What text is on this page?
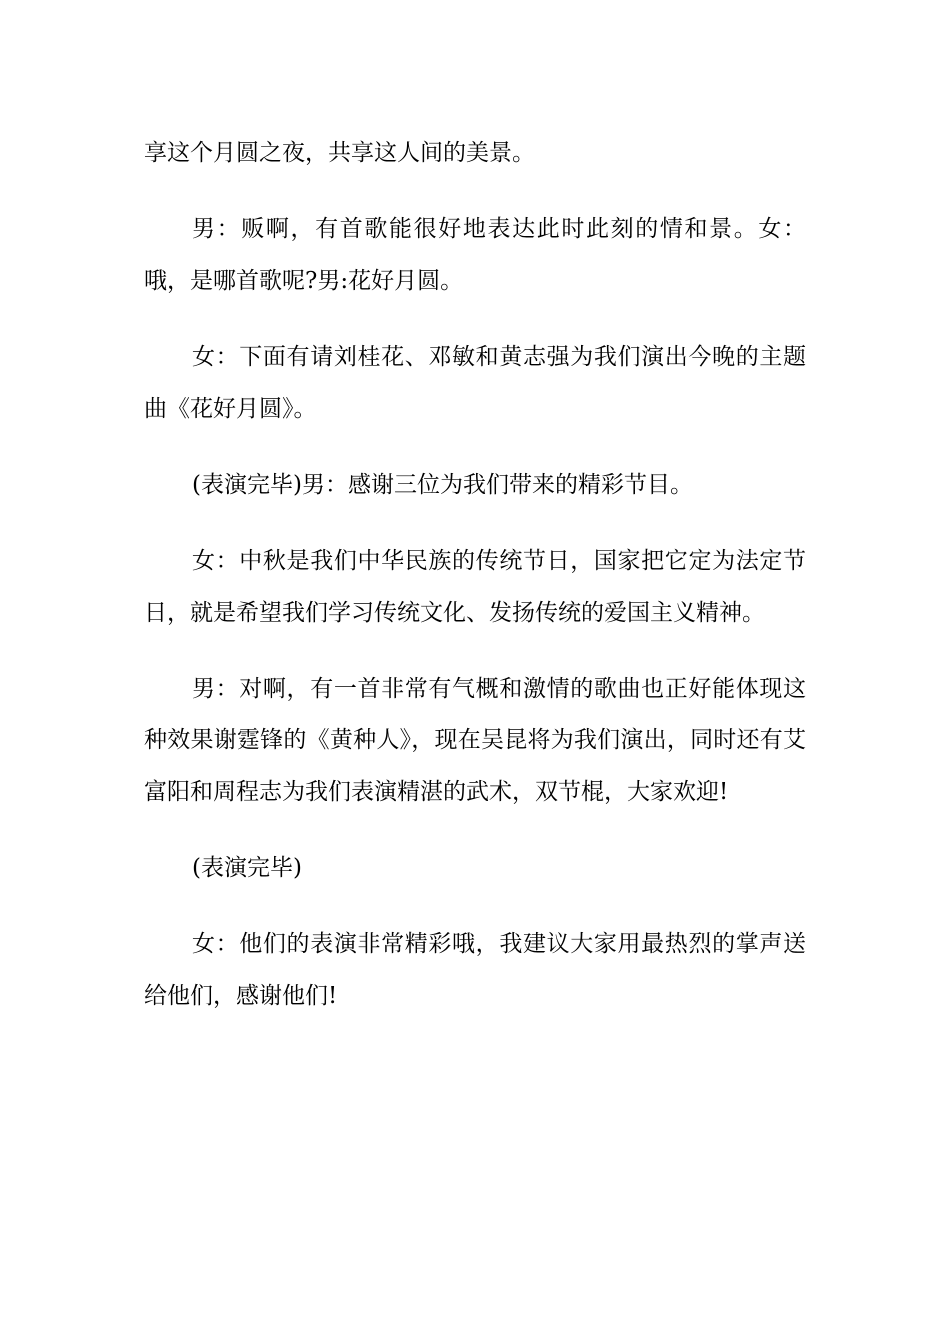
享这个月圆之夜，共享这人间的美景。

男：贩啊，有首歌能很好地表达此时此刻的情和景。女：哦，是哪首歌呢?男:花好月圆。

女：下面有请刘桂花、邓敏和黄志强为我们演出今晚的主题曲《花好月圆》。

(表演完毕)男：感谢三位为我们带来的精彩节目。

女：中秋是我们中华民族的传统节日，国家把它定为法定节日，就是希望我们学习传统文化、发扬传统的爱国主义精神。

男：对啊，有一首非常有气概和激情的歌曲也正好能体现这种效果谢霆锋的《黄种人》，现在吴昆将为我们演出，同时还有艾富阳和周程志为我们表演精湛的武术，双节棍，大家欢迎!

(表演完毕)

女：他们的表演非常精彩哦，我建议大家用最热烈的掌声送给他们，感谢他们!
